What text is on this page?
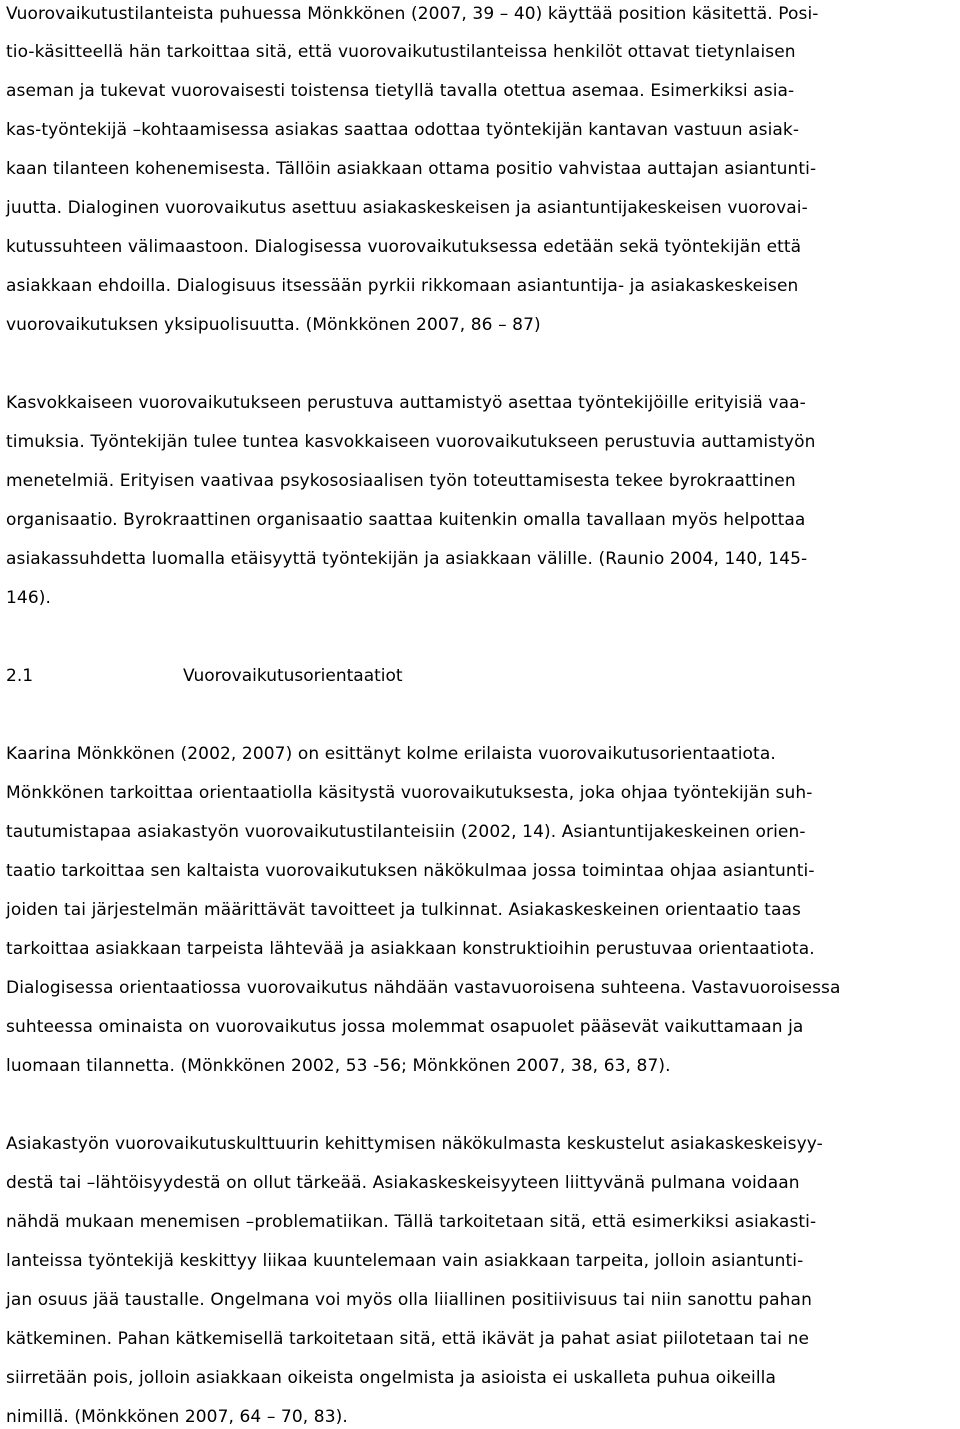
Vuorovaikutustilanteista puhuessa Mönkkönen (2007, 39 – 40) käyttää position käsitettä. Posi-
tio-käsitteellä hän tarkoittaa sitä, että vuorovaikutustilanteissa henkilöt ottavat tietynlaisen
aseman ja tukevat vuorovaisesti toistensa tietyllä tavalla otettua asemaa. Esimerkiksi asia-
kas-työntekijä –kohtaamisessa asiakas saattaa odottaa työntekijän kantavan vastuun asiak-
kaan tilanteen kohenemisesta. Tällöin asiakkaan ottama positio vahvistaa auttajan asiantunti-
juutta. Dialoginen vuorovaikutus asettuu asiakaskeskeisen ja asiantuntijakeskeisen vuorovai-
kutussuhteen välimaastoon. Dialogisessa vuorovaikutuksessa edetään sekä työntekijän että
asiakkaan ehdoilla. Dialogisuus itsessään pyrkii rikkomaan asiantuntija- ja asiakaskeskeisen
vuorovaikutuksen yksipuolisuutta. (Mönkkönen 2007, 86 – 87)
Kasvokkaiseen vuorovaikutukseen perustuva auttamistyö asettaa työntekijöille erityisiä vaa-
timuksia. Työntekijän tulee tuntea kasvokkaiseen vuorovaikutukseen perustuvia auttamistyön
menetelmiä. Erityisen vaativaa psykososiaalisen työn toteuttamisesta tekee byrokraattinen
organisaatio. Byrokraattinen organisaatio saattaa kuitenkin omalla tavallaan myös helpottaa
asiakassuhdetta luomalla etäisyyttä työntekijän ja asiakkaan välille. (Raunio 2004, 140, 145-
146).
2.1	Vuorovaikutusorientaatiot
Kaarina Mönkkönen (2002, 2007) on esittänyt kolme erilaista vuorovaikutusorientaatiota.
Mönkkönen tarkoittaa orientaatiolla käsitystä vuorovaikutuksesta, joka ohjaa työntekijän suh-
tautumistapaa asiakastyön vuorovaikutustilanteisiin (2002, 14). Asiantuntijakeskeinen orien-
taatio tarkoittaa sen kaltaista vuorovaikutuksen näkökulmaa jossa toimintaa ohjaa asiantunti-
joiden tai järjestelmän määrittävät tavoitteet ja tulkinnat. Asiakaskeskeinen orientaatio taas
tarkoittaa asiakkaan tarpeista lähtevää ja asiakkaan konstruktioihin perustuvaa orientaatiota.
Dialogisessa orientaatiossa vuorovaikutus nähdään vastavuoroisena suhteena. Vastavuoroisessa
suhteessa ominaista on vuorovaikutus jossa molemmat osapuolet pääsevät vaikuttamaan ja
luomaan tilannetta. (Mönkkönen 2002, 53 -56; Mönkkönen 2007, 38, 63, 87).
Asiakastyön vuorovaikutuskulttuurin kehittymisen näkökulmasta keskustelut asiakaskeskeisyy-
destä tai –lähtöisyydestä on ollut tärkeää. Asiakaskeskeisyyteen liittyvänä pulmana voidaan
nähdä mukaan menemisen –problematiikan. Tällä tarkoitetaan sitä, että esimerkiksi asiakasti-
lanteissa työntekijä keskittyy liikaa kuuntelemaan vain asiakkaan tarpeita, jolloin asiantunti-
jan osuus jää taustalle. Ongelmana voi myös olla liiallinen positiivisuus tai niin sanottu pahan
kätkeminen. Pahan kätkemisellä tarkoitetaan sitä, että ikävät ja pahat asiat piilotetaan tai ne
siirretään pois, jolloin asiakkaan oikeista ongelmista ja asioista ei uskalleta puhua oikeilla
nimillä. (Mönkkönen 2007, 64 – 70, 83).
